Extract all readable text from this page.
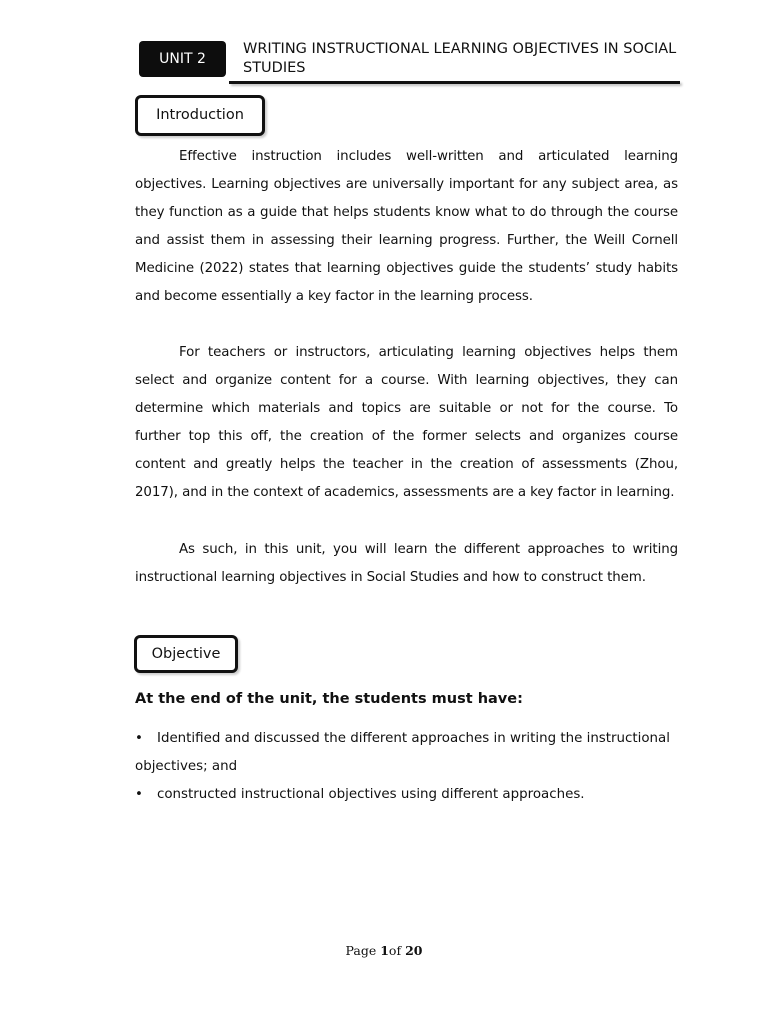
UNIT 2
WRITING INSTRUCTIONAL LEARNING OBJECTIVES IN SOCIAL STUDIES
Introduction

Effective instruction includes well-written and articulated learning objectives. Learning objectives are universally important for any subject area, as they function as a guide that helps students know what to do through the course and assist them in assessing their learning progress. Further, the Weill Cornell Medicine (2022) states that learning objectives guide the students’ study habits and become essentially a key factor in the learning process.

For teachers or instructors, articulating learning objectives helps them select and organize content for a course. With learning objectives, they can determine which materials and topics are suitable or not for the course. To further top this off, the creation of the former selects and organizes course content and greatly helps the teacher in the creation of assessments (Zhou, 2017), and in the context of academics, assessments are a key factor in learning.

As such, in this unit, you will learn the different approaches to writing instructional learning objectives in Social Studies and how to construct them.

Objective

At the end of the unit, the students must have:

• Identified and discussed the different approaches in writing the instructional objectives; and
• constructed instructional objectives using different approaches.
Page 1of 20
